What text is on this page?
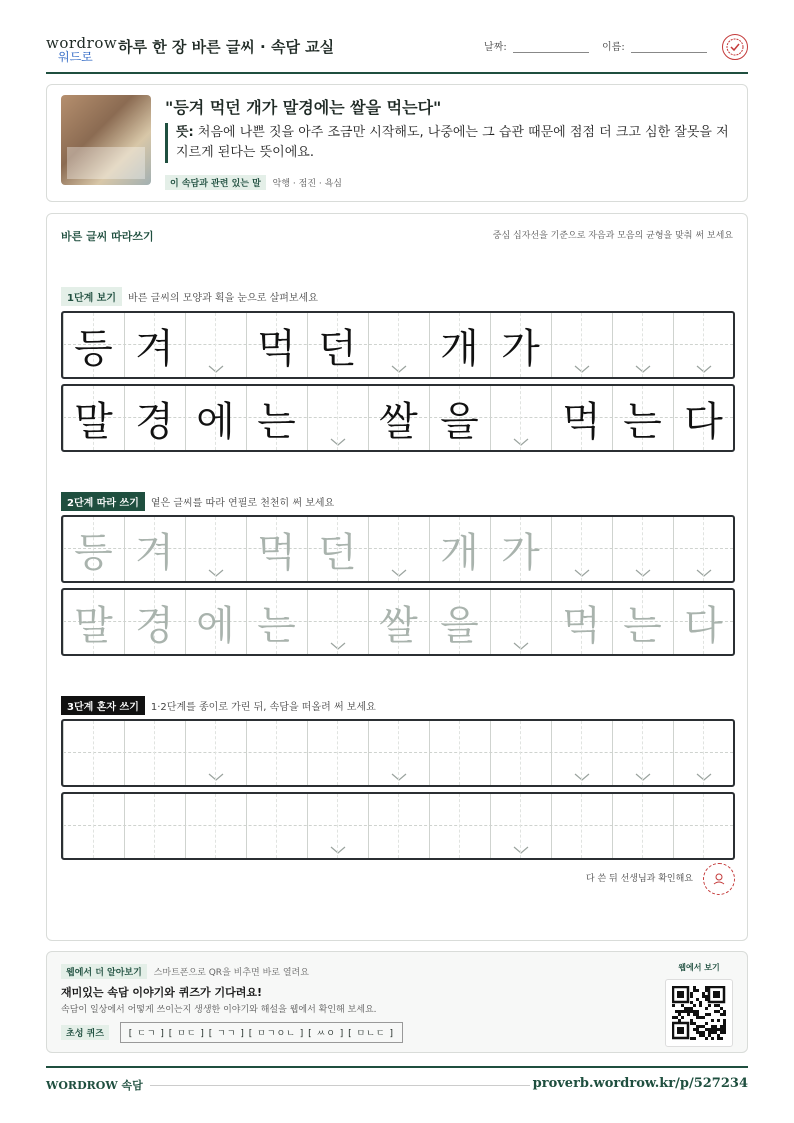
wordrow
워드로
하루 한 장 바른 글씨 · 속담 교실	날짜:	이름:
"등겨 먹던 개가 말경에는 쌀을 먹는다"
뜻: 처음에 나쁜 짓을 아주 조금만 시작해도, 나중에는 그 습관 때문에 점점 더 크고 심한 잘못을 저지르게 된다는 뜻이에요.
이 속담과 관련 있는 말 악행 · 점진 · 욕심
바른 글씨 따라쓰기	중심 십자선을 기준으로 자음과 모음의 균형을 맞춰 써 보세요
1단계 보기 바른 글씨의 모양과 획을 눈으로 살펴보세요
등 겨 먹 던 개 가
말 경 에 는 쌀 을 먹 는 다
2단계 따라 쓰기 옅은 글씨를 따라 연필로 천천히 써 보세요
등 겨 먹 던 개 가
말 경 에 는 쌀 을 먹 는 다
3단계 혼자 쓰기 1·2단계를 종이로 가린 뒤, 속담을 떠올려 써 보세요
다 쓴 뒤 선생님과 확인해요
웹에서 더 알아보기 스마트폰으로 QR을 비추면 바로 열려요
재미있는 속담 이야기와 퀴즈가 기다려요!
속담이 일상에서 어떻게 쓰이는지 생생한 이야기와 해설을 웹에서 확인해 보세요.
초성 퀴즈	[ ㄷㄱ ] [ ㅁㄷ ] [ ㄱㄱ ] [ ㅁㄱㅇㄴ ] [ ㅆㅇ ] [ ㅁㄴㄷ ]
웹에서 보기
WORDROW 속담	proverb.wordrow.kr/p/527234
